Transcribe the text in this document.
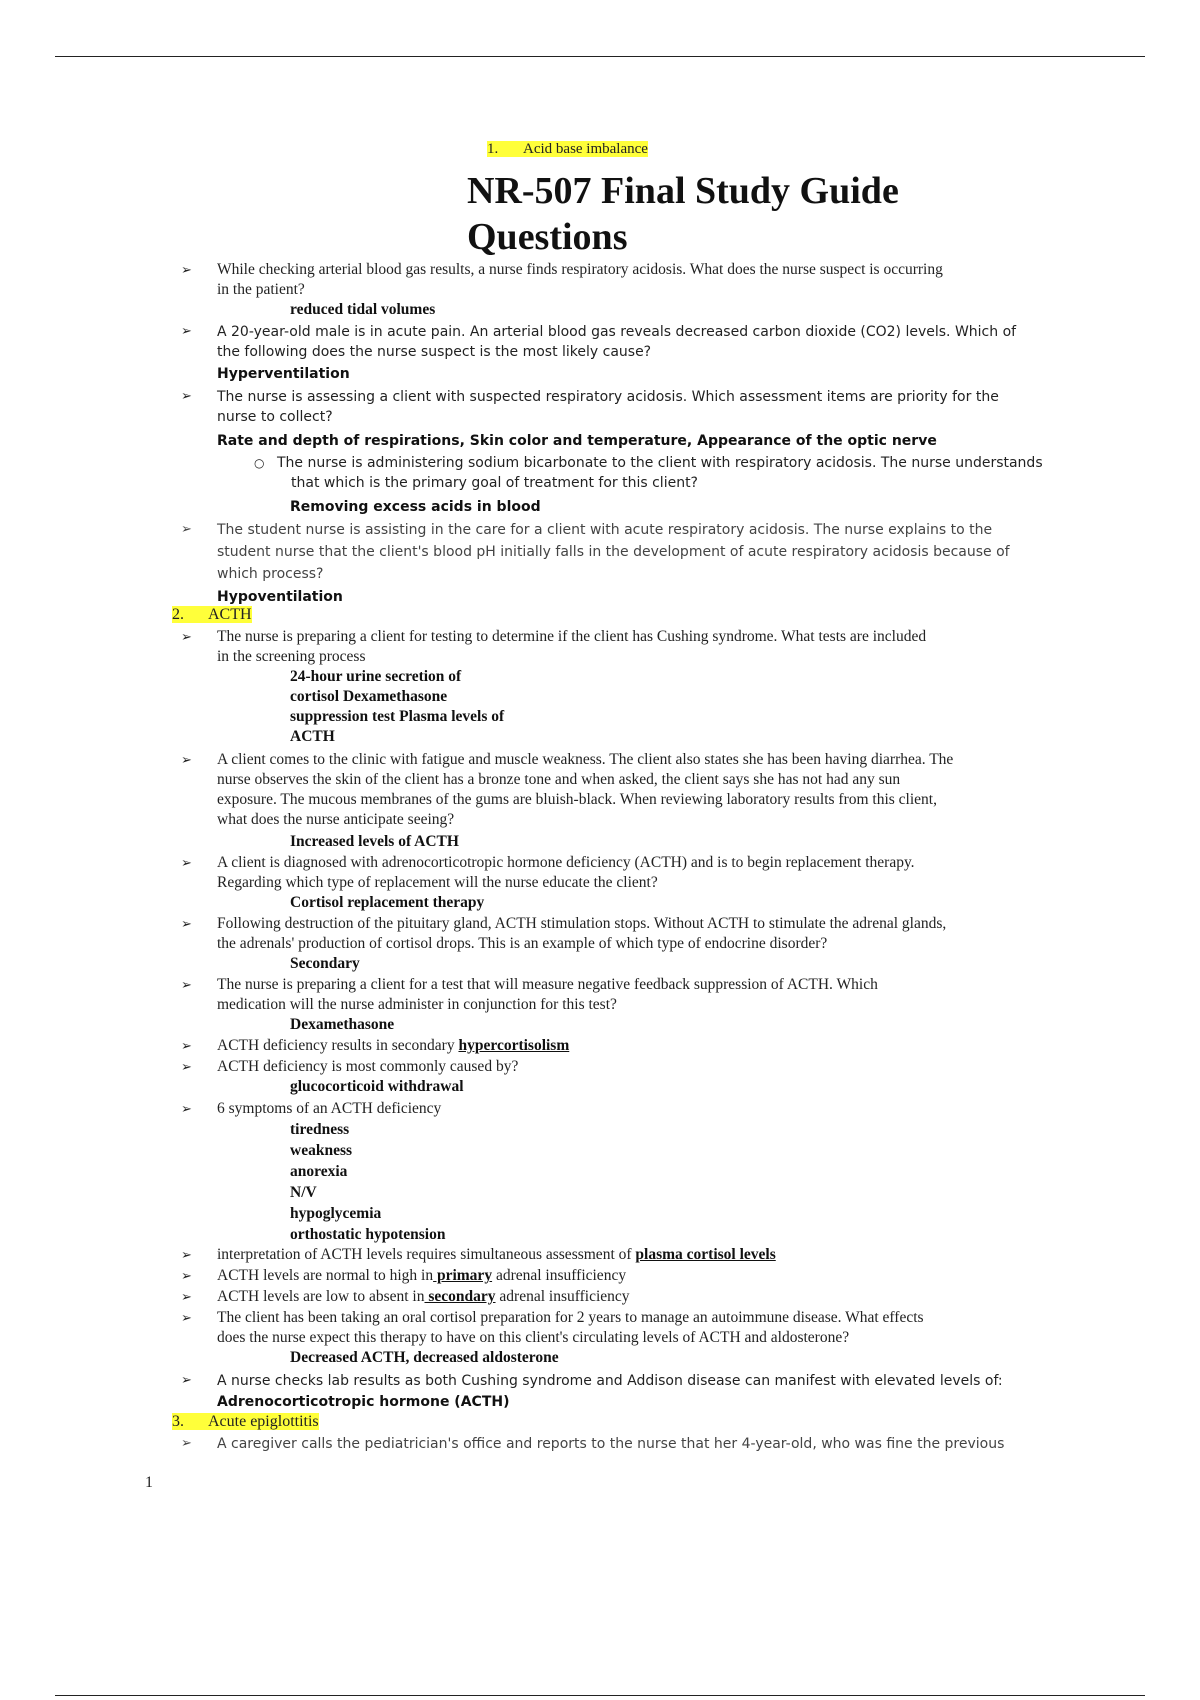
1. Acid base imbalance
NR-507 Final Study Guide
Questions
➢ While checking arterial blood gas results, a nurse finds respiratory acidosis. What does the nurse suspect is occurring
in the patient?
reduced tidal volumes
➢ A 20-year-old male is in acute pain. An arterial blood gas reveals decreased carbon dioxide (CO2) levels. Which of
the following does the nurse suspect is the most likely cause?
Hyperventilation
➢ The nurse is assessing a client with suspected respiratory acidosis. Which assessment items are priority for the
nurse to collect?
Rate and depth of respirations, Skin color and temperature, Appearance of the optic nerve
○ The nurse is administering sodium bicarbonate to the client with respiratory acidosis. The nurse understands
that which is the primary goal of treatment for this client?
Removing excess acids in blood
➢ The student nurse is assisting in the care for a client with acute respiratory acidosis. The nurse explains to the
student nurse that the client's blood pH initially falls in the development of acute respiratory acidosis because of
which process?
Hypoventilation
2. ACTH
➢ The nurse is preparing a client for testing to determine if the client has Cushing syndrome. What tests are included
in the screening process
24-hour urine secretion of
cortisol Dexamethasone
suppression test Plasma levels of
ACTH
➢ A client comes to the clinic with fatigue and muscle weakness. The client also states she has been having diarrhea. The
nurse observes the skin of the client has a bronze tone and when asked, the client says she has not had any sun
exposure. The mucous membranes of the gums are bluish-black. When reviewing laboratory results from this client,
what does the nurse anticipate seeing?
Increased levels of ACTH
➢ A client is diagnosed with adrenocorticotropic hormone deficiency (ACTH) and is to begin replacement therapy.
Regarding which type of replacement will the nurse educate the client?
Cortisol replacement therapy
➢ Following destruction of the pituitary gland, ACTH stimulation stops. Without ACTH to stimulate the adrenal glands,
the adrenals' production of cortisol drops. This is an example of which type of endocrine disorder?
Secondary
➢ The nurse is preparing a client for a test that will measure negative feedback suppression of ACTH. Which
medication will the nurse administer in conjunction for this test?
Dexamethasone
➢ ACTH deficiency results in secondary hypercortisolism
➢ ACTH deficiency is most commonly caused by?
glucocorticoid withdrawal
➢ 6 symptoms of an ACTH deficiency
tiredness
weakness
anorexia
N/V
hypoglycemia
orthostatic hypotension
➢ interpretation of ACTH levels requires simultaneous assessment of plasma cortisol levels
➢ ACTH levels are normal to high in primary adrenal insufficiency
➢ ACTH levels are low to absent in secondary adrenal insufficiency
➢ The client has been taking an oral cortisol preparation for 2 years to manage an autoimmune disease. What effects
does the nurse expect this therapy to have on this client's circulating levels of ACTH and aldosterone?
Decreased ACTH, decreased aldosterone
➢ A nurse checks lab results as both Cushing syndrome and Addison disease can manifest with elevated levels of:
Adrenocorticotropic hormone (ACTH)
3. Acute epiglottitis
➢ A caregiver calls the pediatrician's office and reports to the nurse that her 4-year-old, who was fine the previous
1
